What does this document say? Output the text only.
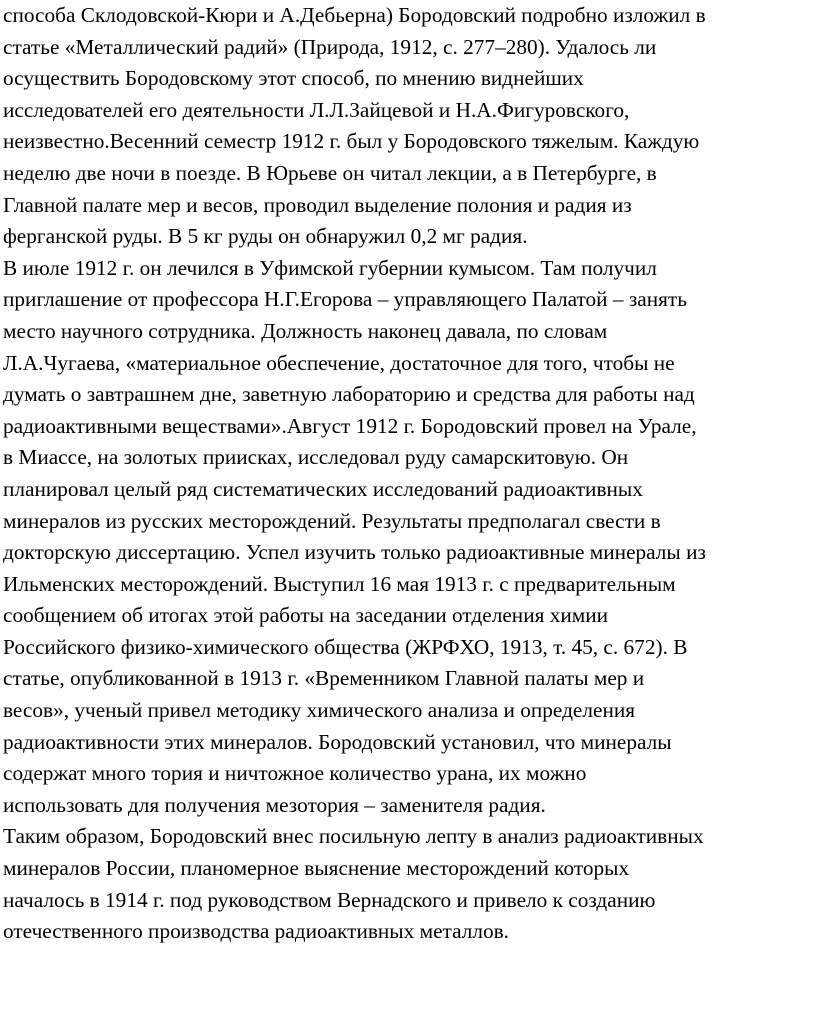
способа Склодовской-Кюри и А.Дебьерна) Бородовский подробно изложил в
статье «Металлический радий» (Природа, 1912, с. 277–280). Удалось ли
осуществить Бородовскому этот способ, по мнению виднейших
исследователей его деятельности Л.Л.Зайцевой и Н.А.Фигуровского,
неизвестно.Весенний семестр 1912 г. был у Бородовского тяжелым. Каждую
неделю две ночи в поезде. В Юрьеве он читал лекции, а в Петербурге, в
Главной палате мер и весов, проводил выделение полония и радия из
ферганской руды. В 5 кг руды он обнаружил 0,2 мг радия.
В июле 1912 г. он лечился в Уфимской губернии кумысом. Там получил
приглашение от профессора Н.Г.Егорова – управляющего Палатой – занять
место научного сотрудника. Должность наконец давала, по словам
Л.А.Чугаева, «материальное обеспечение, достаточное для того, чтобы не
думать о завтрашнем дне, заветную лабораторию и средства для работы над
радиоактивными веществами».Август 1912 г. Бородовский провел на Урале,
в Миассе, на золотых приисках, исследовал руду самарскитовую. Он
планировал целый ряд систематических исследований радиоактивных
минералов из русских месторождений. Результаты предполагал свести в
докторскую диссертацию. Успел изучить только радиоактивные минералы из
Ильменских месторождений. Выступил 16 мая 1913 г. с предварительным
сообщением об итогах этой работы на заседании отделения химии
Российского физико-химического общества (ЖРФХО, 1913, т. 45, с. 672). В
статье, опубликованной в 1913 г. «Временником Главной палаты мер и
весов», ученый привел методику химического анализа и определения
радиоактивности этих минералов. Бородовский установил, что минералы
содержат много тория и ничтожное количество урана, их можно
использовать для получения мезотория – заменителя радия.
Таким образом, Бородовский внес посильную лепту в анализ радиоактивных
минералов России, планомерное выяснение месторождений которых
началось в 1914 г. под руководством Вернадского и привело к созданию
отечественного производства радиоактивных металлов.
